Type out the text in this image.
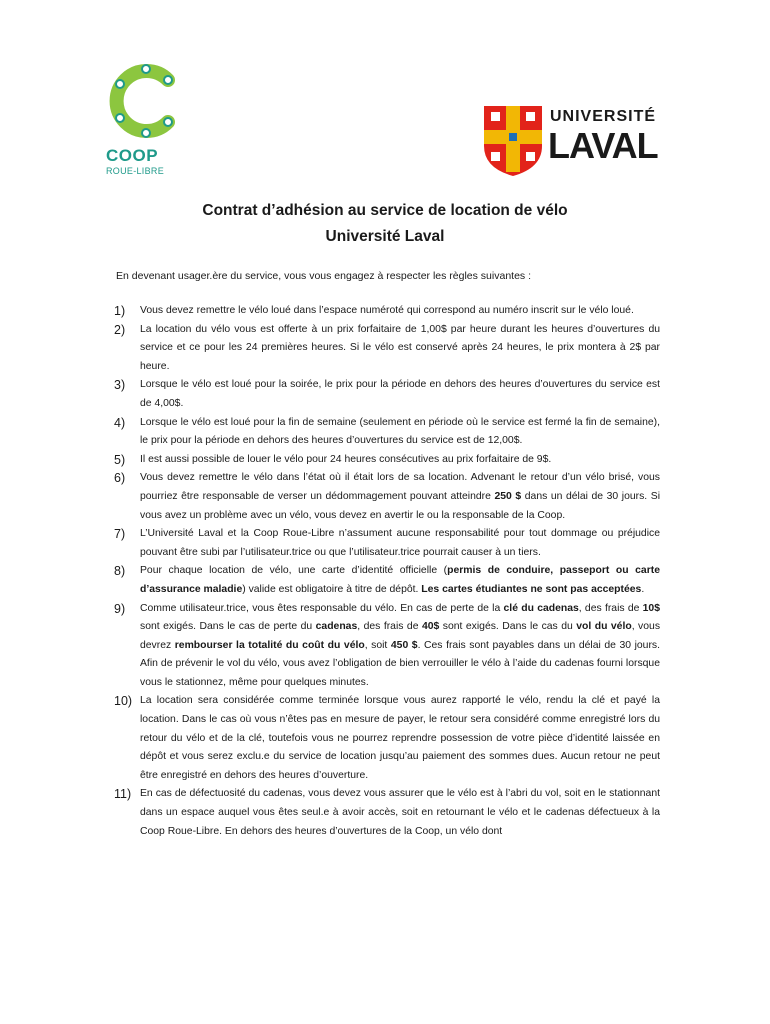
COOP
ROUE-LIBRE
UNIVERSITÉ
LAVAL
Contrat d’adhésion au service de location de vélo
Université Laval
En devenant usager.ère du service, vous vous engagez à respecter les règles suivantes :
1) Vous devez remettre le vélo loué dans l’espace numéroté qui correspond au numéro inscrit sur le vélo loué.
2) La location du vélo vous est offerte à un prix forfaitaire de 1,00$ par heure durant les heures d’ouvertures du service et ce pour les 24 premières heures. Si le vélo est conservé après 24 heures, le prix montera à 2$ par heure.
3) Lorsque le vélo est loué pour la soirée, le prix pour la période en dehors des heures d’ouvertures du service est de 4,00$.
4) Lorsque le vélo est loué pour la fin de semaine (seulement en période où le service est fermé la fin de semaine), le prix pour la période en dehors des heures d’ouvertures du service est de 12,00$.
5) Il est aussi possible de louer le vélo pour 24 heures consécutives au prix forfaitaire de 9$.
6) Vous devez remettre le vélo dans l’état où il était lors de sa location. Advenant le retour d’un vélo brisé, vous pourriez être responsable de verser un dédommagement pouvant atteindre 250 $ dans un délai de 30 jours. Si vous avez un problème avec un vélo, vous devez en avertir le ou la responsable de la Coop.
7) L’Université Laval et la Coop Roue-Libre n’assument aucune responsabilité pour tout dommage ou préjudice pouvant être subi par l’utilisateur.trice ou que l’utilisateur.trice pourrait causer à un tiers.
8) Pour chaque location de vélo, une carte d’identité officielle (permis de conduire, passeport ou carte d’assurance maladie) valide est obligatoire à titre de dépôt. Les cartes étudiantes ne sont pas acceptées.
9) Comme utilisateur.trice, vous êtes responsable du vélo. En cas de perte de la clé du cadenas, des frais de 10$ sont exigés. Dans le cas de perte du cadenas, des frais de 40$ sont exigés. Dans le cas du vol du vélo, vous devrez rembourser la totalité du coût du vélo, soit 450 $. Ces frais sont payables dans un délai de 30 jours. Afin de prévenir le vol du vélo, vous avez l’obligation de bien verrouiller le vélo à l’aide du cadenas fourni lorsque vous le stationnez, même pour quelques minutes.
10) La location sera considérée comme terminée lorsque vous aurez rapporté le vélo, rendu la clé et payé la location. Dans le cas où vous n’êtes pas en mesure de payer, le retour sera considéré comme enregistré lors du retour du vélo et de la clé, toutefois vous ne pourrez reprendre possession de votre pièce d’identité laissée en dépôt et vous serez exclu.e du service de location jusqu’au paiement des sommes dues. Aucun retour ne peut être enregistré en dehors des heures d’ouverture.
11) En cas de défectuosité du cadenas, vous devez vous assurer que le vélo est à l’abri du vol, soit en le stationnant dans un espace auquel vous êtes seul.e à avoir accès, soit en retournant le vélo et le cadenas défectueux à la Coop Roue-Libre. En dehors des heures d’ouvertures de la Coop, un vélo dont
